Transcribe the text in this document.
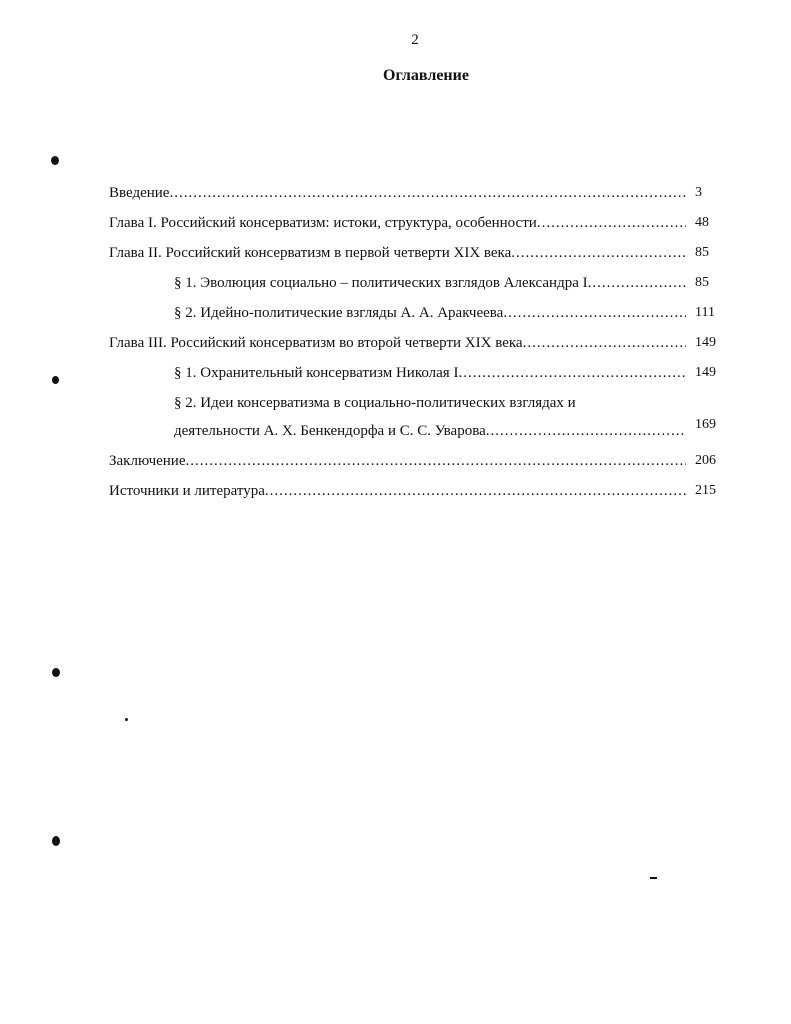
2
Оглавление
Введение .....	3
Глава I. Российский консерватизм: истоки, структура, особенности .....	48
Глава II. Российский консерватизм в первой четверти XIX века .....	85
§ 1. Эволюция социально – политических взглядов Александра I .....	85
§ 2. Идейно-политические взгляды А. А. Аракчеева .....	111
Глава III. Российский консерватизм во второй четверти XIX века .....	149
§ 1. Охранительный консерватизм Николая I .....	149
§ 2. Идеи консерватизма в социально-политических взглядах и
деятельности А. Х. Бенкендорфа и С. С. Уварова .....	169
Заключение .....	206
Источники и литература .....	215
